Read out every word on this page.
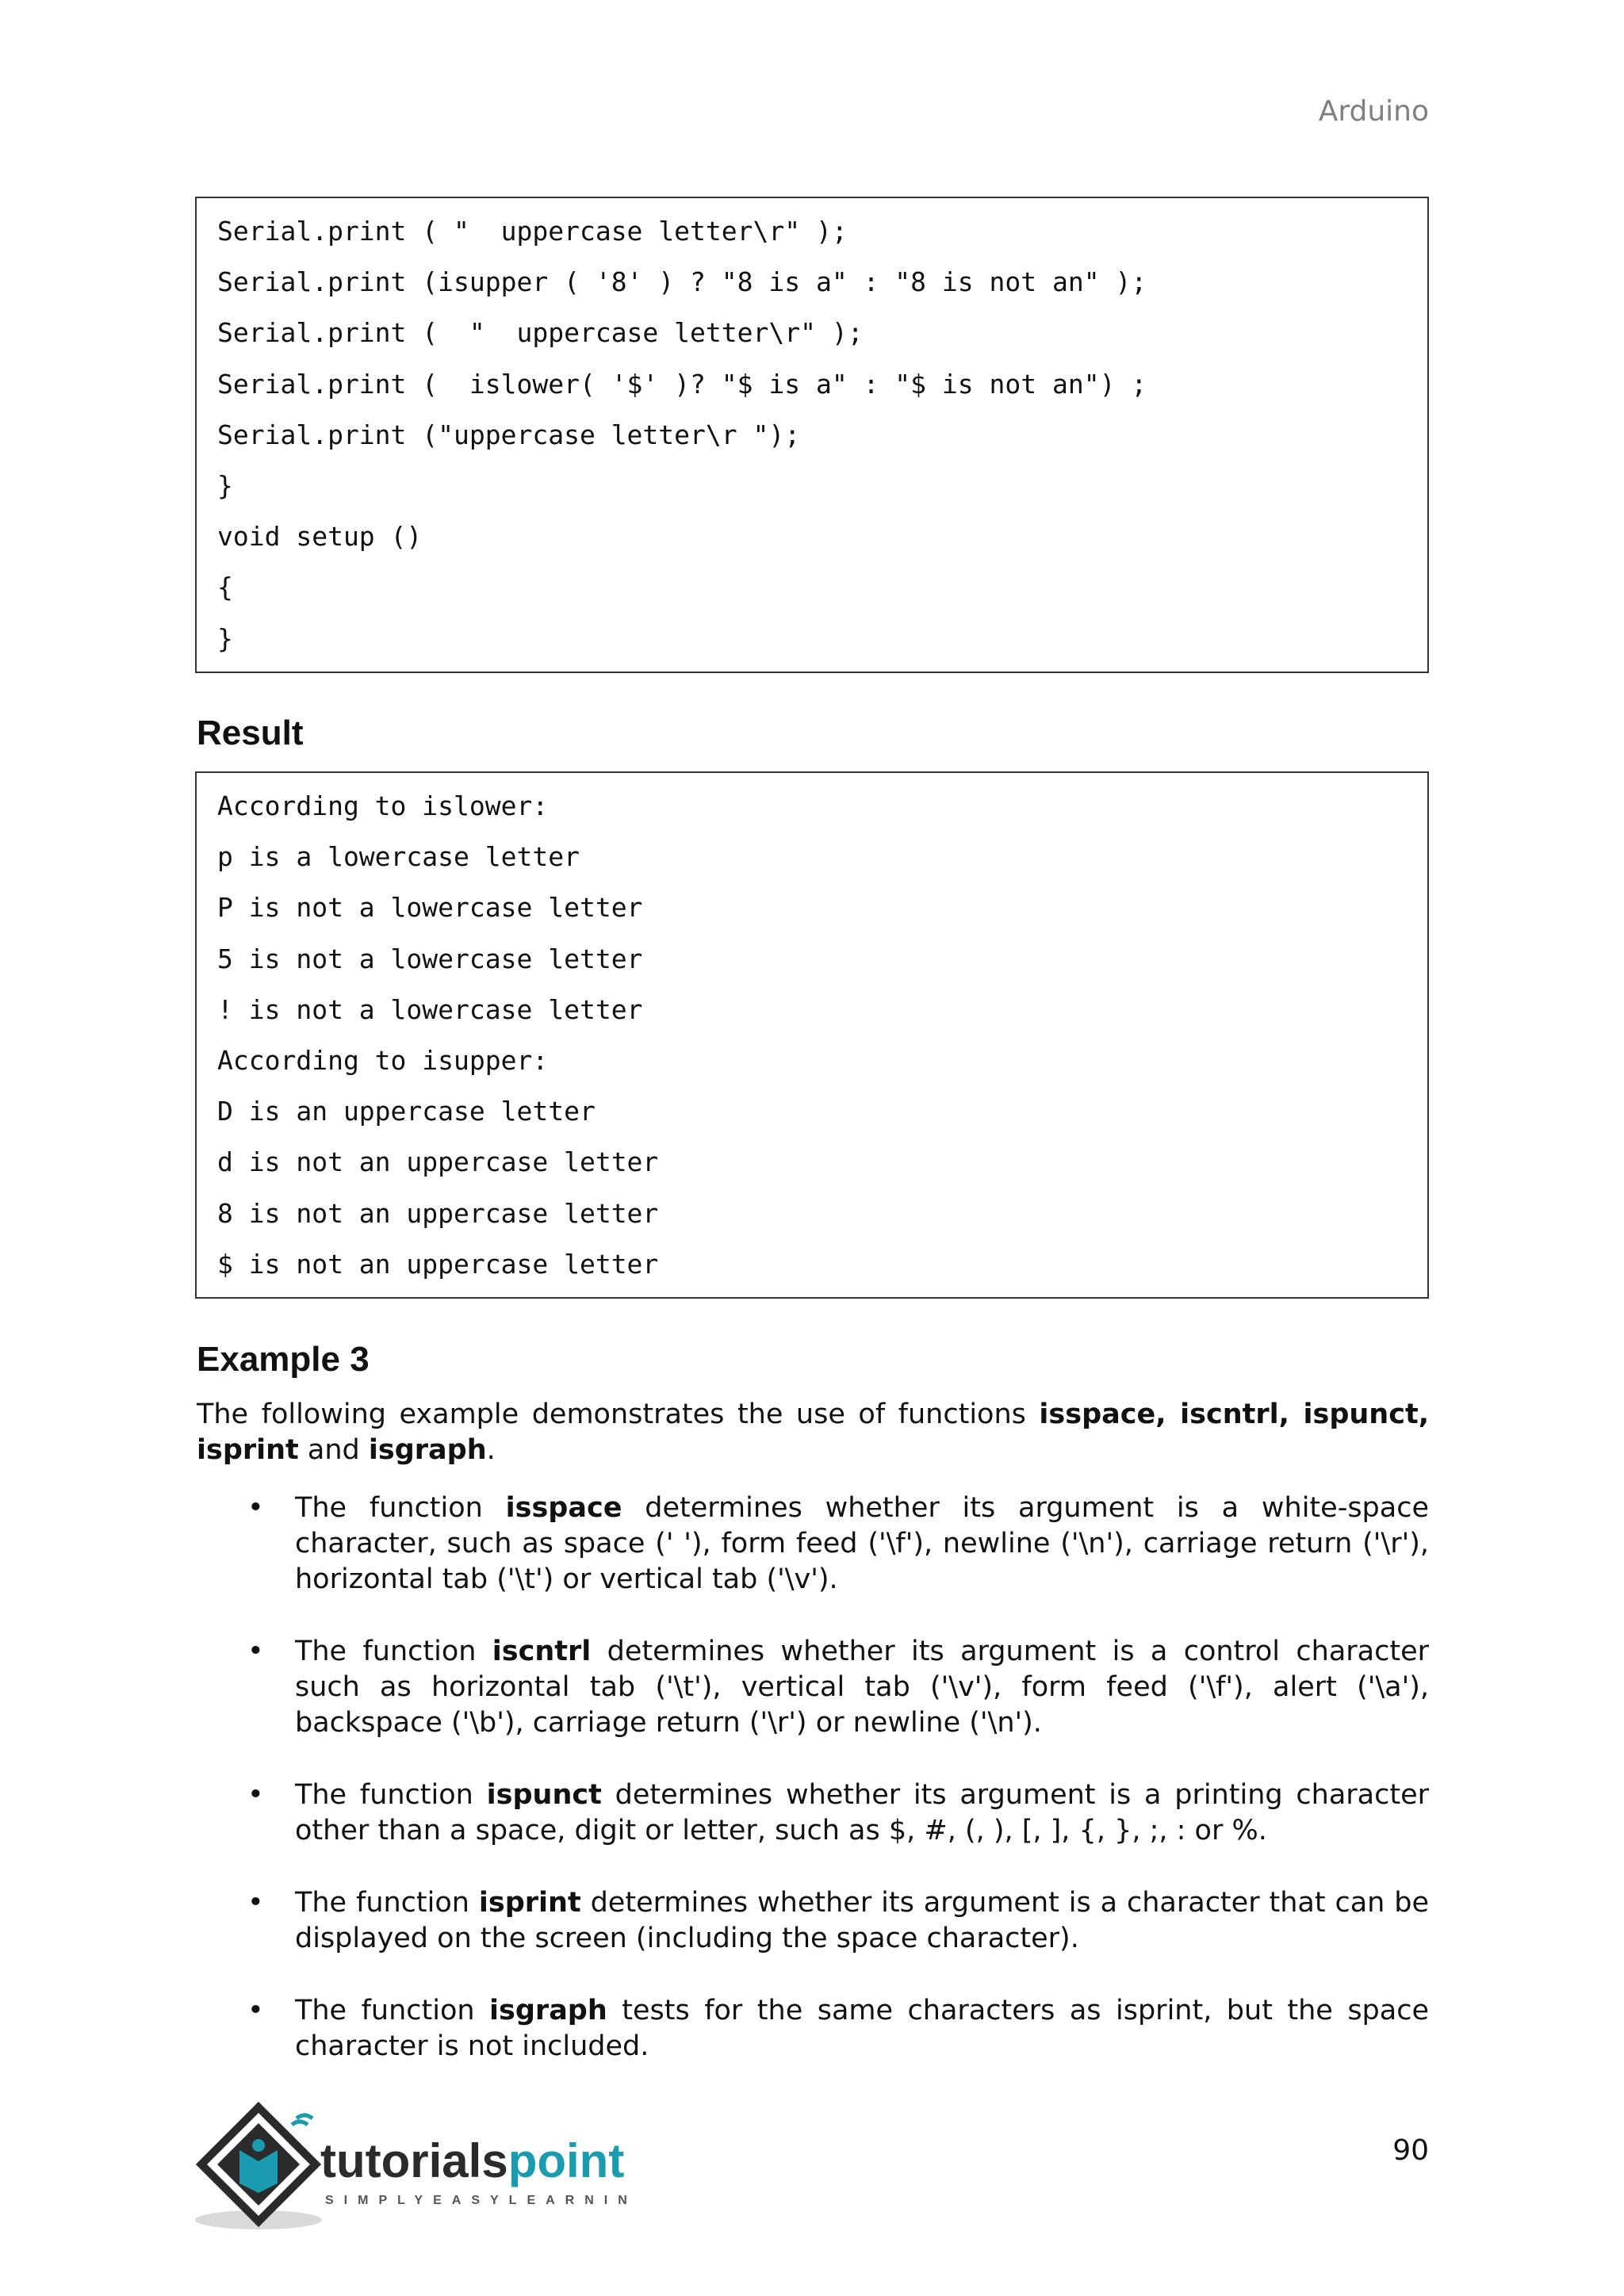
Arduino
Serial.print ( "  uppercase letter\r" );
Serial.print (isupper ( '8' ) ? "8 is a" : "8 is not an" );
Serial.print (  "  uppercase letter\r" );
Serial.print (  islower( '$' )? "$ is a" : "$ is not an") ;
Serial.print ("uppercase letter\r ");
}
void setup ()
{
}
Result
According to islower:
p is a lowercase letter
P is not a lowercase letter
5 is not a lowercase letter
! is not a lowercase letter
According to isupper:
D is an uppercase letter
d is not an uppercase letter
8 is not an uppercase letter
$ is not an uppercase letter
Example 3

The following example demonstrates the use of functions isspace, iscntrl, ispunct, isprint and isgraph.

• The function isspace determines whether its argument is a white-space character, such as space (' '), form feed ('\f'), newline ('\n'), carriage return ('\r'), horizontal tab ('\t') or vertical tab ('\v').
• The function iscntrl determines whether its argument is a control character such as horizontal tab ('\t'), vertical tab ('\v'), form feed ('\f'), alert ('\a'), backspace ('\b'), carriage return ('\r') or newline ('\n').
• The function ispunct determines whether its argument is a printing character other than a space, digit or letter, such as $, #, (, ), [, ], {, }, ;, : or %.
• The function isprint determines whether its argument is a character that can be displayed on the screen (including the space character).
• The function isgraph tests for the same characters as isprint, but the space character is not included.
tutorialspoint
SIMPLYEASYLEARNING
90
